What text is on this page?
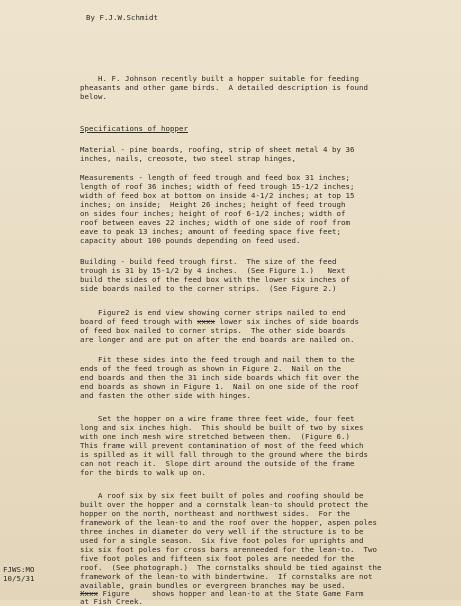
By F.J.W.Schmidt
H. F. Johnson recently built a hopper suitable for feeding
pheasants and other game birds.  A detailed description is found
below.
Specifications of hopper
Material - pine boards, roofing, strip of sheet metal 4 by 36
inches, nails, creosote, two steel strap hinges,
Measurements - length of feed trough and feed box 31 inches;
length of roof 36 inches; width of feed trough 15-1/2 inches;
width of feed box at bottom on inside 4-1/2 inches; at top 15
inches; on inside;  Height 26 inches; height of feed trough
on sides four inches; height of roof 6-1/2 inches; width of
roof between eaves 22 inches; width of one side of roof from
eave to peak 13 inches; amount of feeding space five feet;
capacity about 100 pounds depending on feed used.
Building - build feed trough first.  The size of the feed
trough is 31 by 15-1/2 by 4 inches.  (See Figure 1.)   Next
build the sides of the feed box with the lower six inches of
side boards nailed to the corner strips.  (See Figure 2.)
Figure2 is end view showing corner strips nailed to end
board of feed trough with xxxx lower six inches of side boards
of feed box nailed to corner strips.  The other side boards
are longer and are put on after the end boards are nailed on.
Fit these sides into the feed trough and nail them to the
ends of the feed trough as shown in Figure 2.  Nail on the
end boards and then the 31 inch side boards which fit over the
end boards as shown in Figure 1.  Nail on one side of the roof
and fasten the other side with hinges.
Set the hopper on a wire frame three feet wide, four feet
long and six inches high.  This should be built of two by sixes
with one inch mesh wire stretched between them.  (Figure 6.)
This frame will prevent contamination of most of the feed which
is spilled as it will fall through to the ground where the birds
can not reach it.  Slope dirt around the outside of the frame
for the birds to walk up on.
A roof six by six feet built of poles and roofing should be
built over the hopper and a cornstalk lean-to should protect the
hopper on the north, northeast and northwest sides.  For the
framework of the lean-to and the roof over the hopper, aspen poles
three inches in diameter do very well if the structure is to be
used for a single season.  Six five foot poles for uprights and
six six foot poles for cross bars arenneeded for the lean-to.  Two
five foot poles and fifteen six foot poles are needed for the
roof.  (See photograph.)  The cornstalks should be tied against the
framework of the lean-to with bindertwine.  If cornstalks are not
available, grain bundles or evergreen branches may be used.
Xxxx Figure     shows hopper and lean-to at the State Game Farm
at Fish Creek.
FJWS:MO
10/5/31
